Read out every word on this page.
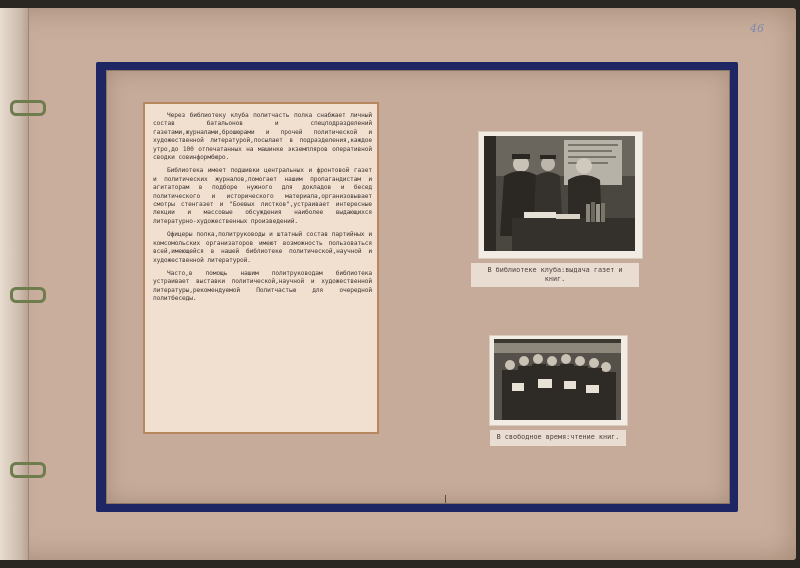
46

Через библиотеку клуба политчасть полка снабжает личный состав батальонов и спецподразделений газетами,журналами,брошюрами и прочей политической и художественной литературой,посылает в подразделения,каждое утро,до 100 отпечатанных на машинке экземпляров оперативной сводки совинформбюро.

Библиотека имеет подшивки центральных и фронтовой газет и политических журналов,помогает нашим пропагандистам и агитаторам в подборе нужного для докладов и бесед политического и исторического материала,организовывает смотры стенгазет и "Боевых листков",устраивает интересные лекции и массовые обсуждения наиболее выдающихся литературно-художественных произведений.

Офицеры полка,политруководы и штатный состав партийных и комсомольских организаторов имеют возможность пользоваться всей,имеющейся в нашей библиотеке политической,научной и художественной литературой.

Часто,в помощь нашим политруководам библиотека устраивает выставки политической,научной и художественной литературы,рекомендуемой Политчастью для очередной политбеседы.

В библиотеке клуба:выдача газет и книг.
В свободное время:чтение книг.
